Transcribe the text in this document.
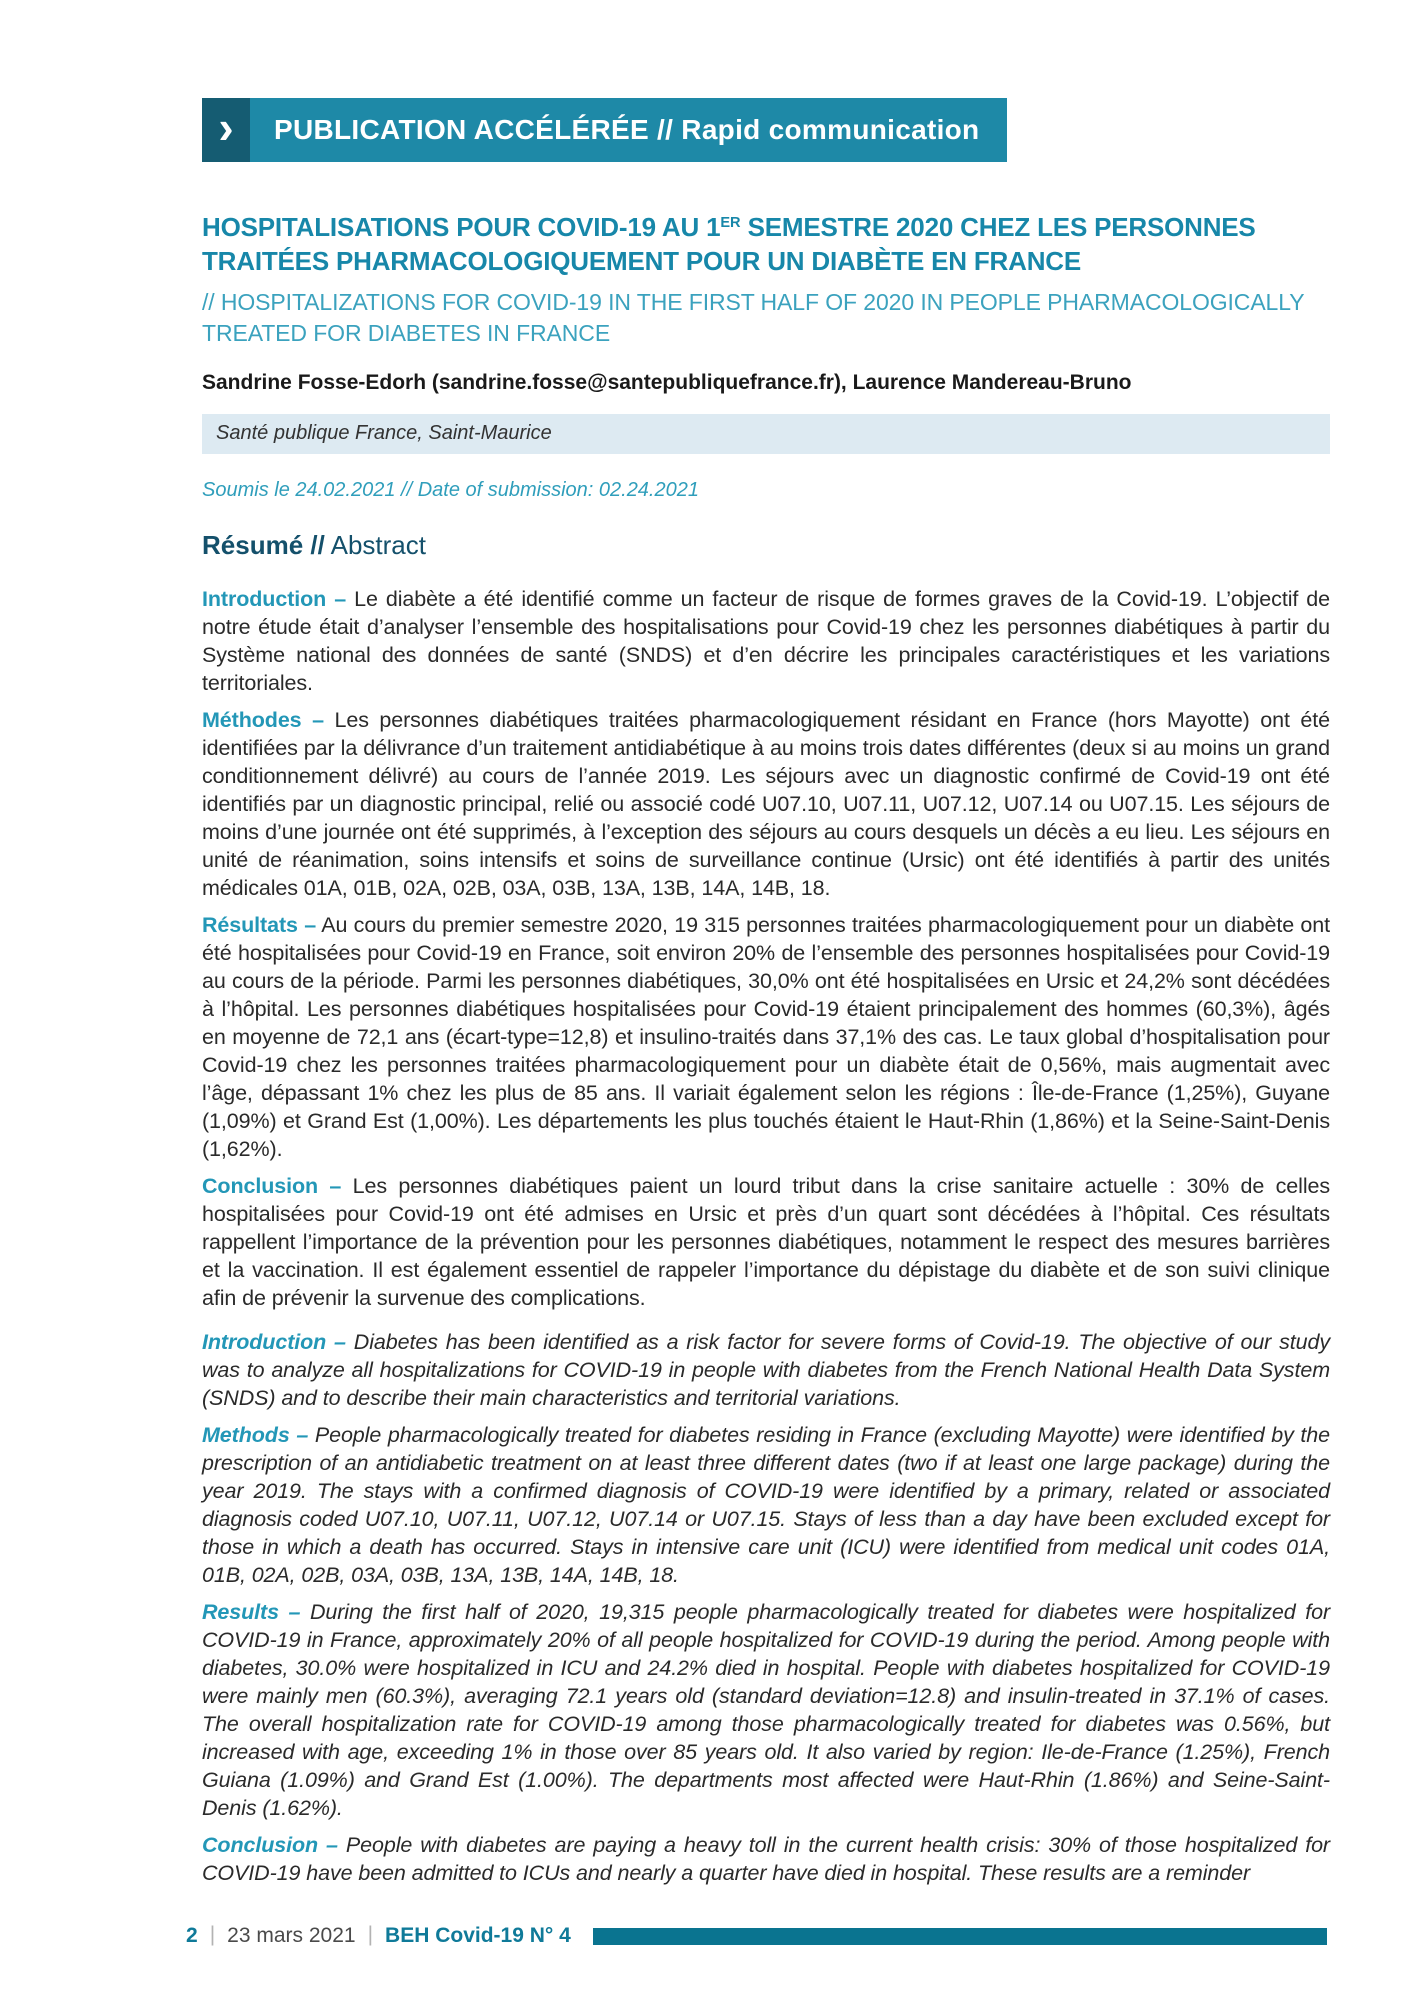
›	PUBLICATION ACCÉLÉRÉE // Rapid communication
HOSPITALISATIONS POUR COVID-19 AU 1ER SEMESTRE 2020 CHEZ LES PERSONNES TRAITÉES PHARMACOLOGIQUEMENT POUR UN DIABÈTE EN FRANCE
// HOSPITALIZATIONS FOR COVID-19 IN THE FIRST HALF OF 2020 IN PEOPLE PHARMACOLOGICALLY TREATED FOR DIABETES IN FRANCE
Sandrine Fosse-Edorh (sandrine.fosse@santepubliquefrance.fr), Laurence Mandereau-Bruno
Santé publique France, Saint-Maurice
Soumis le 24.02.2021 // Date of submission: 02.24.2021
Résumé // Abstract

Introduction – Le diabète a été identifié comme un facteur de risque de formes graves de la Covid-19. L’objectif de notre étude était d’analyser l’ensemble des hospitalisations pour Covid-19 chez les personnes diabétiques à partir du Système national des données de santé (SNDS) et d’en décrire les principales caractéristiques et les variations territoriales.

Méthodes – Les personnes diabétiques traitées pharmacologiquement résidant en France (hors Mayotte) ont été identifiées par la délivrance d’un traitement antidiabétique à au moins trois dates différentes (deux si au moins un grand conditionnement délivré) au cours de l’année 2019. Les séjours avec un diagnostic confirmé de Covid-19 ont été identifiés par un diagnostic principal, relié ou associé codé U07.10, U07.11, U07.12, U07.14 ou U07.15. Les séjours de moins d’une journée ont été supprimés, à l’exception des séjours au cours desquels un décès a eu lieu. Les séjours en unité de réanimation, soins intensifs et soins de surveillance continue (Ursic) ont été identifiés à partir des unités médicales 01A, 01B, 02A, 02B, 03A, 03B, 13A, 13B, 14A, 14B, 18.

Résultats – Au cours du premier semestre 2020, 19 315 personnes traitées pharmacologiquement pour un diabète ont été hospitalisées pour Covid-19 en France, soit environ 20% de l’ensemble des personnes hospitalisées pour Covid-19 au cours de la période. Parmi les personnes diabétiques, 30,0% ont été hospitalisées en Ursic et 24,2% sont décédées à l’hôpital. Les personnes diabétiques hospitalisées pour Covid-19 étaient principalement des hommes (60,3%), âgés en moyenne de 72,1 ans (écart-type=12,8) et insulino-traités dans 37,1% des cas. Le taux global d’hospitalisation pour Covid-19 chez les personnes traitées pharmacologiquement pour un diabète était de 0,56%, mais augmentait avec l’âge, dépassant 1% chez les plus de 85 ans. Il variait également selon les régions : Île-de-France (1,25%), Guyane (1,09%) et Grand Est (1,00%). Les départements les plus touchés étaient le Haut-Rhin (1,86%) et la Seine-Saint-Denis (1,62%).

Conclusion – Les personnes diabétiques paient un lourd tribut dans la crise sanitaire actuelle : 30% de celles hospitalisées pour Covid-19 ont été admises en Ursic et près d’un quart sont décédées à l’hôpital. Ces résultats rappellent l’importance de la prévention pour les personnes diabétiques, notamment le respect des mesures barrières et la vaccination. Il est également essentiel de rappeler l’importance du dépistage du diabète et de son suivi clinique afin de prévenir la survenue des complications.

Introduction – Diabetes has been identified as a risk factor for severe forms of Covid-19. The objective of our study was to analyze all hospitalizations for COVID-19 in people with diabetes from the French National Health Data System (SNDS) and to describe their main characteristics and territorial variations.

Methods – People pharmacologically treated for diabetes residing in France (excluding Mayotte) were identified by the prescription of an antidiabetic treatment on at least three different dates (two if at least one large package) during the year 2019. The stays with a confirmed diagnosis of COVID-19 were identified by a primary, related or associated diagnosis coded U07.10, U07.11, U07.12, U07.14 or U07.15. Stays of less than a day have been excluded except for those in which a death has occurred. Stays in intensive care unit (ICU) were identified from medical unit codes 01A, 01B, 02A, 02B, 03A, 03B, 13A, 13B, 14A, 14B, 18.

Results – During the first half of 2020, 19,315 people pharmacologically treated for diabetes were hospitalized for COVID-19 in France, approximately 20% of all people hospitalized for COVID-19 during the period. Among people with diabetes, 30.0% were hospitalized in ICU and 24.2% died in hospital. People with diabetes hospitalized for COVID-19 were mainly men (60.3%), averaging 72.1 years old (standard deviation=12.8) and insulin-treated in 37.1% of cases. The overall hospitalization rate for COVID-19 among those pharmacologically treated for diabetes was 0.56%, but increased with age, exceeding 1% in those over 85 years old. It also varied by region: Ile-de-France (1.25%), French Guiana (1.09%) and Grand Est (1.00%). The departments most affected were Haut-Rhin (1.86%) and Seine-Saint-Denis (1.62%).

Conclusion – People with diabetes are paying a heavy toll in the current health crisis: 30% of those hospitalized for COVID-19 have been admitted to ICUs and nearly a quarter have died in hospital. These results are a reminder

2 | 23 mars 2021 | BEH Covid-19 N° 4
